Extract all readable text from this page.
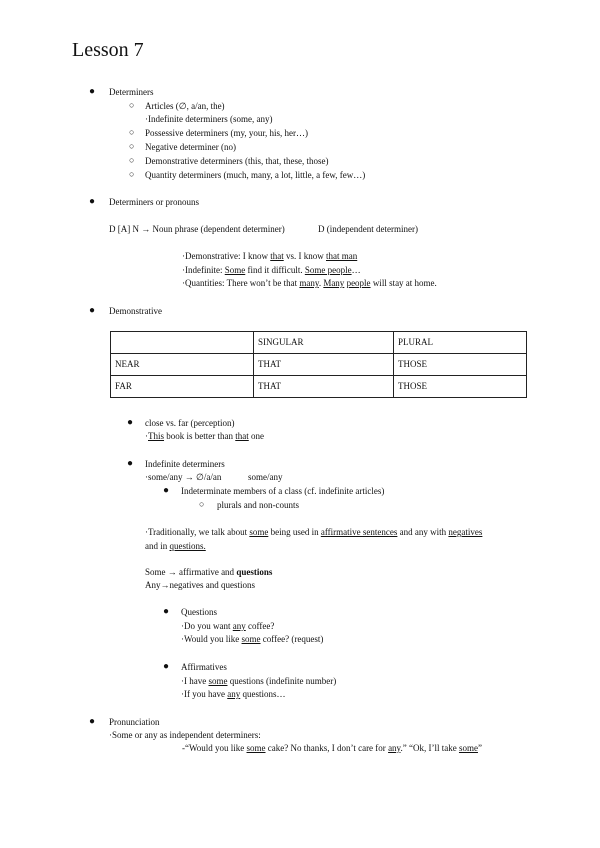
Lesson 7
● Determiners
○ Articles (∅, a/an, the)
·Indefinite determiners (some, any)
○ Possessive determiners (my, your, his, her…)
○ Negative determiner (no)
○ Demonstrative determiners (this, that, these, those)
○ Quantity determiners (much, many, a lot, little, a few, few…)
● Determiners or pronouns
D [A] N → Noun phrase (dependent determiner)	D (independent determiner)
·Demonstrative: I know that vs. I know that man
·Indefinite: Some find it difficult. Some people…
·Quantities: There won’t be that many. Many people will stay at home.
● Demonstrative
	SINGULAR	PLURAL
NEAR	THAT	THOSE
FAR	THAT	THOSE
● close vs. far (perception)
·This book is better than that one
● Indefinite determiners
·some/any → ∅/a/an	some/any
● Indeterminate members of a class (cf. indefinite articles)
○ plurals and non-counts
·Traditionally, we talk about some being used in affirmative sentences and any with negatives
and in questions.
Some → affirmative and questions
Any→negatives and questions
● Questions
·Do you want any coffee?
·Would you like some coffee? (request)
● Affirmatives
·I have some questions (indefinite number)
·If you have any questions…
● Pronunciation
·Some or any as independent determiners:
-“Would you like some cake? No thanks, I don’t care for any.” “Ok, I’ll take some”
